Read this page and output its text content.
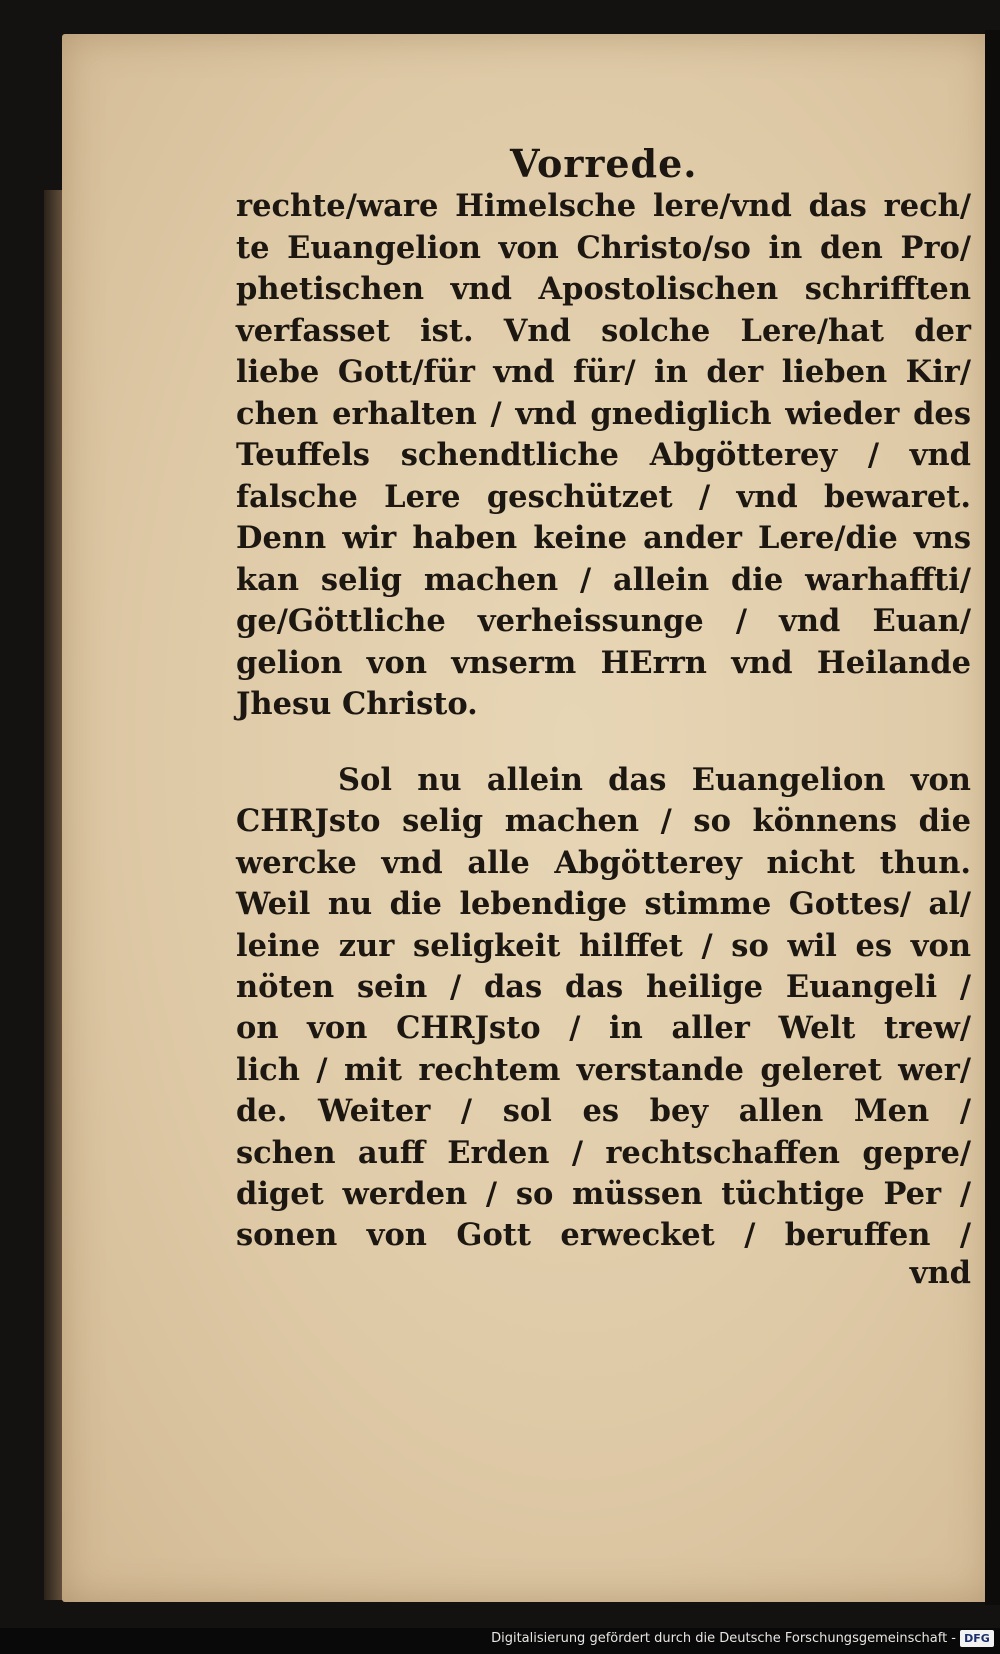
Vorrede.
rechte/ware Himelsche lere/vnd das rech/
te Euangelion von Christo/so in den Pro/
phetischen vnd Apostolischen schrifften
verfasset ist. Vnd solche Lere/hat der
liebe Gott/für vnd für/ in der lieben Kir/
chen erhalten / vnd gnediglich wieder des
Teuffels schendtliche Abgötterey / vnd
falsche Lere geschützet / vnd bewaret.
Denn wir haben keine ander Lere/die vns
kan selig machen / allein die warhaffti/
ge/Göttliche verheissunge / vnd Euan/
gelion von vnserm HErrn vnd Heilande
Jhesu Christo.
Sol nu allein das Euangelion von
CHRJsto selig machen / so könnens die
wercke vnd alle Abgötterey nicht thun.
Weil nu die lebendige stimme Gottes/ al/
leine zur seligkeit hilffet / so wil es von
nöten sein / das das heilige Euangeli /
on von CHRJsto / in aller Welt trew/
lich / mit rechtem verstande geleret wer/
de. Weiter / sol es bey allen Men /
schen auff Erden / rechtschaffen gepre/
diget werden / so müssen tüchtige Per /
sonen von Gott erwecket / beruffen /
vnd
Digitalisierung gefördert durch die Deutsche Forschungsgemeinschaft - DFG
